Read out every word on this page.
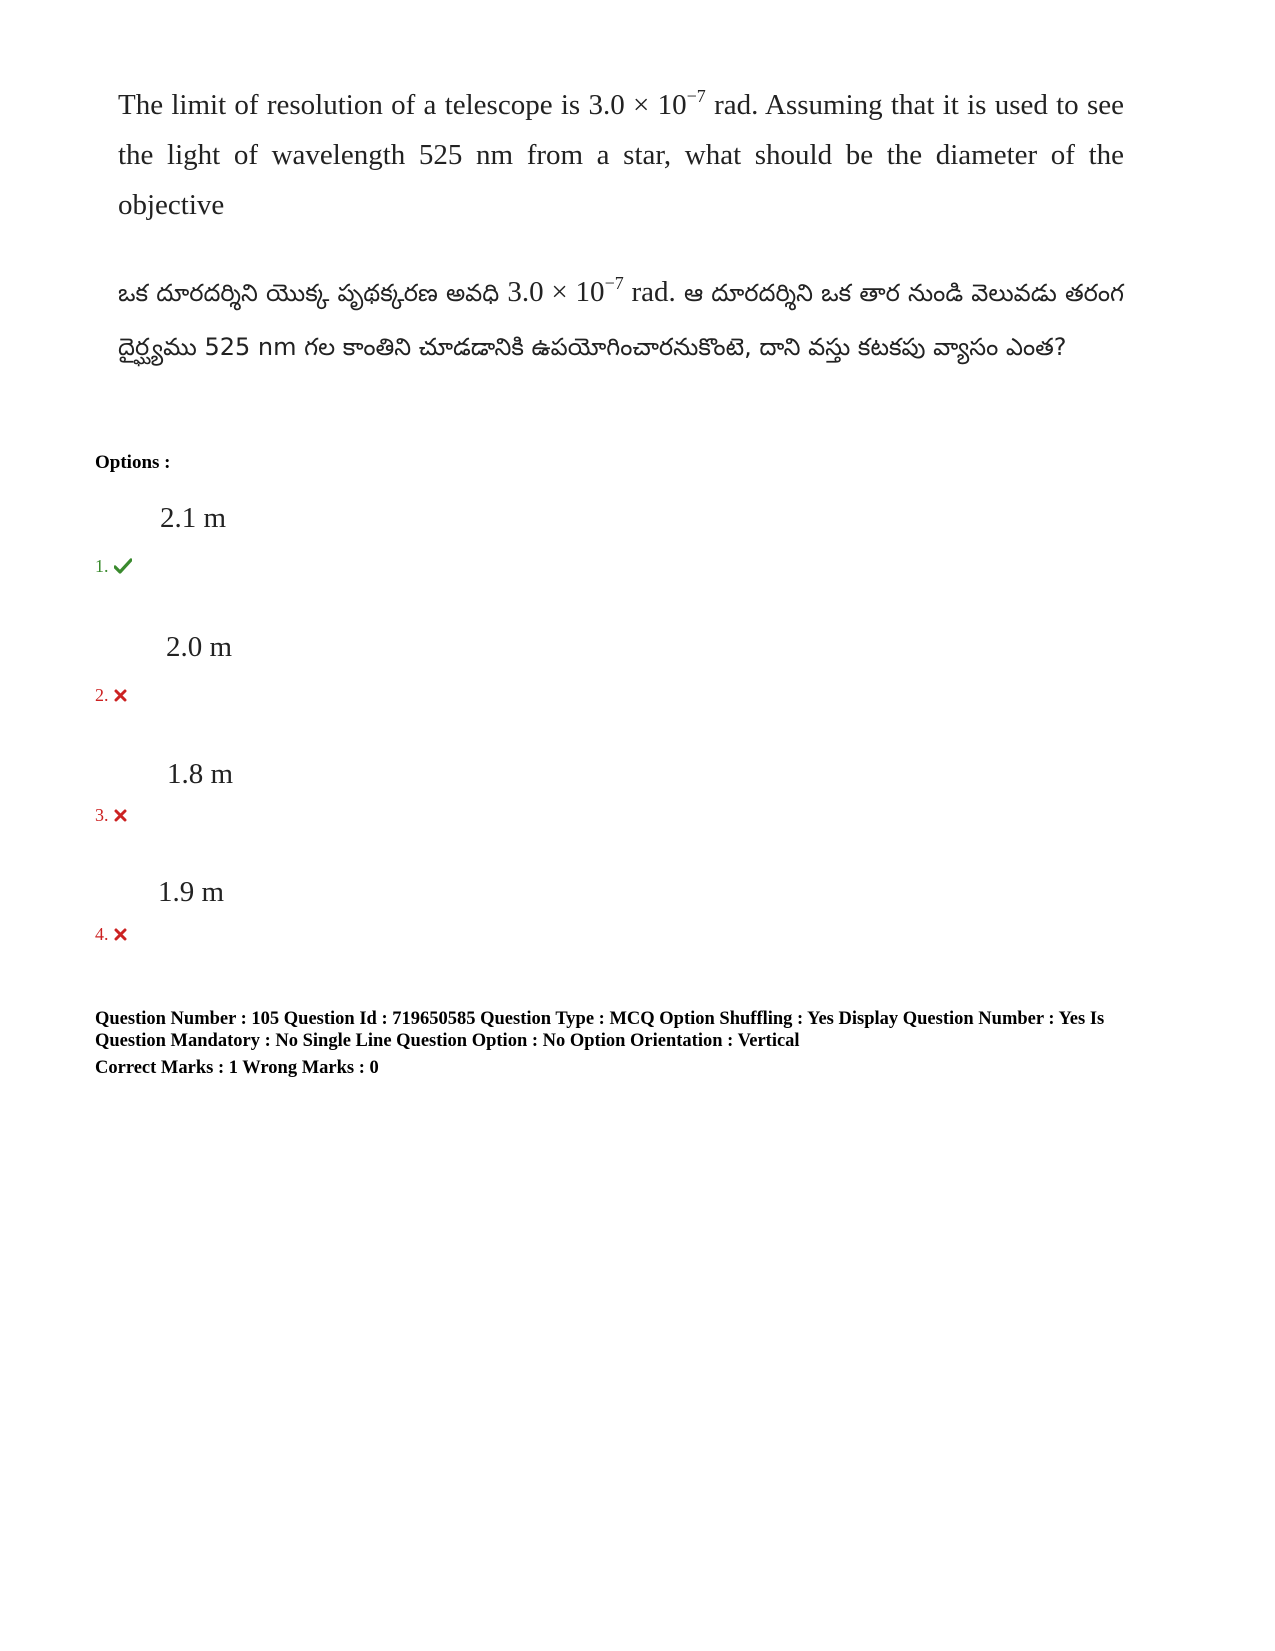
The limit of resolution of a telescope is $3.0 \times 10^{-7}$ rad. Assuming that it is used to see the light of wavelength 525 nm from a star, what should be the diameter of the objective
ఒక దూరదర్శిని యొక్క పృథక్కరణ అవధి $3.0 \times 10^{-7}$ rad. ఆ దూరదర్శిని ఒక తార నుండి వెలువడు తరంగ దైర్ఘ్యము 525 nm గల కాంతిని చూడడానికి ఉపయోగించారనుకొంటె, దాని వస్తు కటకపు వ్యాసం ఎంత?
Options :
2.1 m
1.
2.0 m
2.
1.8 m
3.
1.9 m
4.
Question Number : 105 Question Id : 719650585 Question Type : MCQ Option Shuffling : Yes Display Question Number : Yes Is
Question Mandatory : No Single Line Question Option : No Option Orientation : Vertical
Correct Marks : 1 Wrong Marks : 0
